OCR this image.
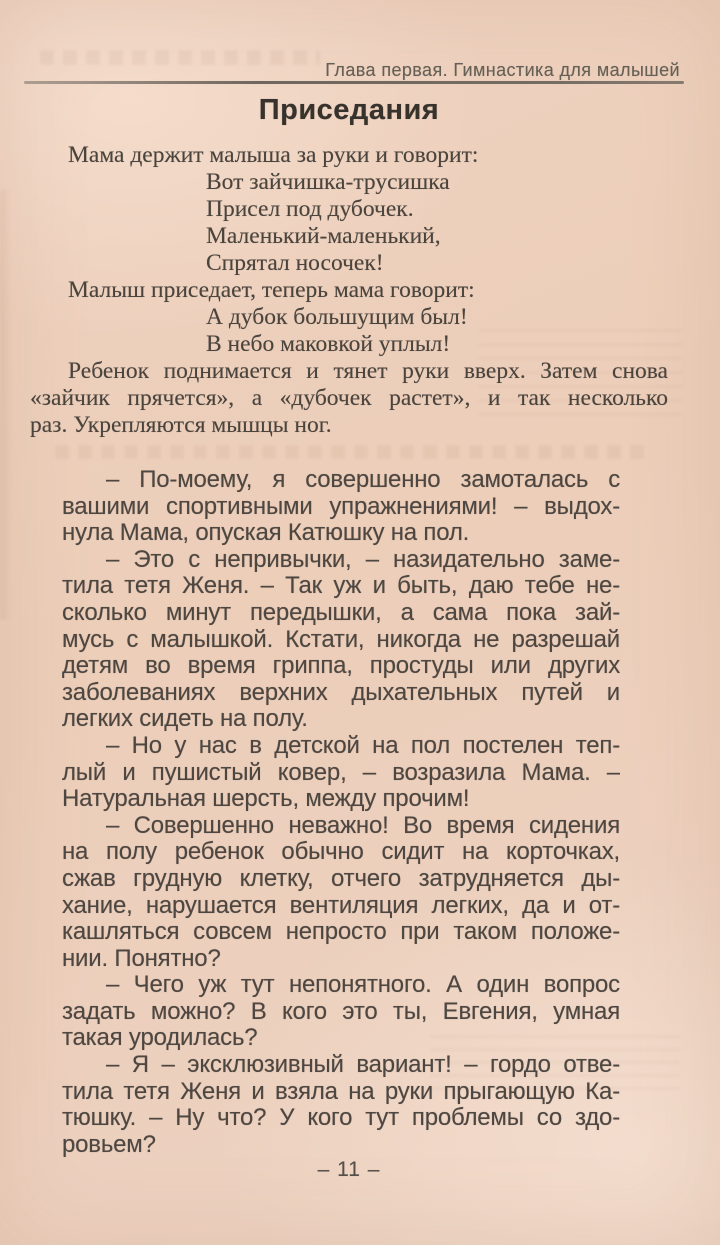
Глава первая. Гимнастика для малышей
Приседания
Мама держит малыша за руки и говорит:
Вот зайчишка-трусишка
Присел под дубочек.
Маленький-маленький,
Спрятал носочек!
Малыш приседает, теперь мама говорит:
А дубок большущим был!
В небо маковкой уплыл!
Ребенок поднимается и тянет руки вверх. Затем снова
«зайчик прячется», а «дубочек растет», и так несколько
раз. Укрепляются мышцы ног.
– По-моему, я совершенно замоталась с
вашими спортивными упражнениями! – выдох-
нула Мама, опуская Катюшку на пол.
– Это с непривычки, – назидательно заме-
тила тетя Женя. – Так уж и быть, даю тебе не-
сколько минут передышки, а сама пока зай-
мусь с малышкой. Кстати, никогда не разрешай
детям во время гриппа, простуды или других
заболеваниях верхних дыхательных путей и
легких сидеть на полу.
– Но у нас в детской на пол постелен теп-
лый и пушистый ковер, – возразила Мама. –
Натуральная шерсть, между прочим!
– Совершенно неважно! Во время сидения
на полу ребенок обычно сидит на корточках,
сжав грудную клетку, отчего затрудняется ды-
хание, нарушается вентиляция легких, да и от-
кашляться совсем непросто при таком положе-
нии. Понятно?
– Чего уж тут непонятного. А один вопрос
задать можно? В кого это ты, Евгения, умная
такая уродилась?
– Я – эксклюзивный вариант! – гордо отве-
тила тетя Женя и взяла на руки прыгающую Ка-
тюшку. – Ну что? У кого тут проблемы со здо-
ровьем?
– 11 –
